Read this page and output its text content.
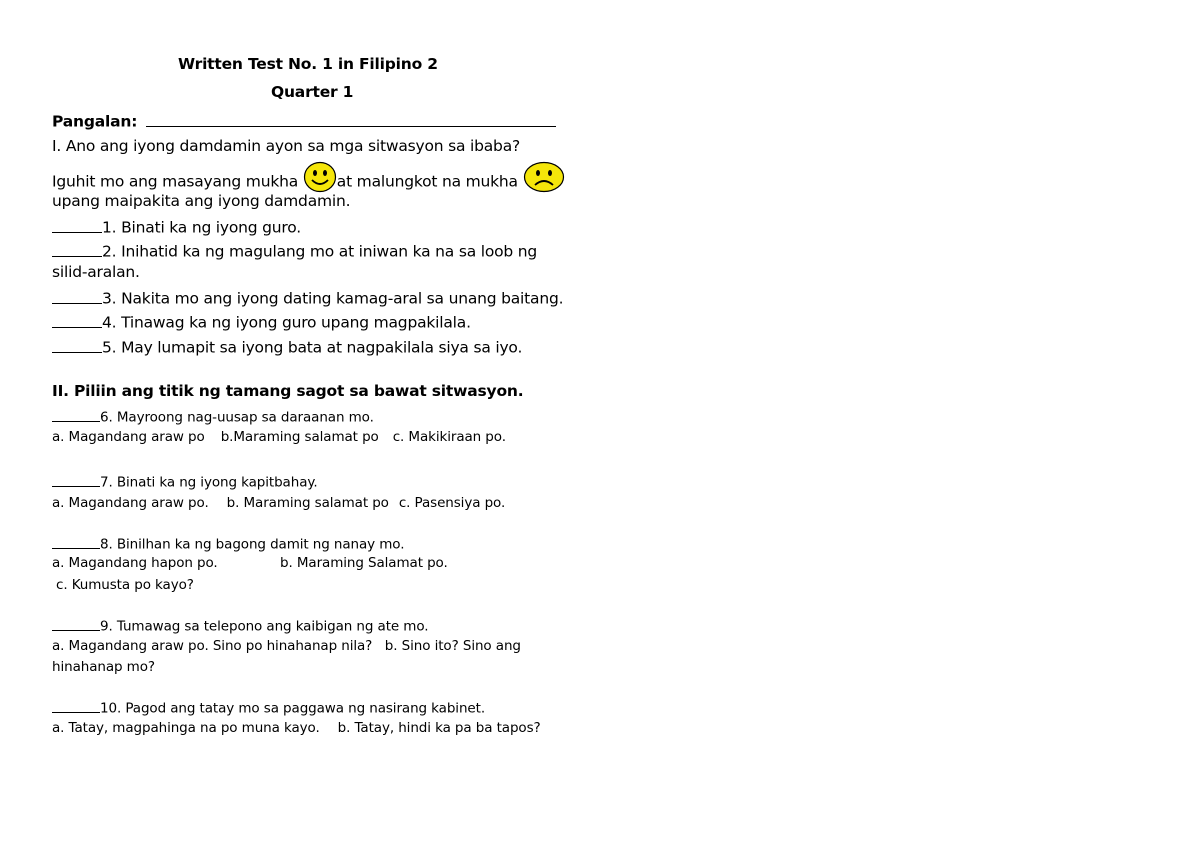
Written Test No. 1 in Filipino 2
Quarter 1
Pangalan:
I. Ano ang iyong damdamin ayon sa mga sitwasyon sa ibaba?
Iguhit mo ang masayang mukha at malungkot na mukha
upang maipakita ang iyong damdamin.
1. Binati ka ng iyong guro.
2. Inihatid ka ng magulang mo at iniwan ka na sa loob ng
silid-aralan.
3. Nakita mo ang iyong dating kamag-aral sa unang baitang.
4. Tinawag ka ng iyong guro upang magpakilala.
5. May lumapit sa iyong bata at nagpakilala siya sa iyo.
II. Piliin ang titik ng tamang sagot sa bawat sitwasyon.
6. Mayroong nag-uusap sa daraanan mo.
a. Magandang araw po b.Maraming salamat po c. Makikiraan po.
7. Binati ka ng iyong kapitbahay.
a. Magandang araw po. b. Maraming salamat po c. Pasensiya po.
8. Binilhan ka ng bagong damit ng nanay mo.
a. Magandang hapon po.	b. Maraming Salamat po.
c. Kumusta po kayo?
9. Tumawag sa telepono ang kaibigan ng ate mo.
a. Magandang araw po. Sino po hinahanap nila?   b. Sino ito? Sino ang
hinahanap mo?
10. Pagod ang tatay mo sa paggawa ng nasirang kabinet.
a. Tatay, magpahinga na po muna kayo. b. Tatay, hindi ka pa ba tapos?
